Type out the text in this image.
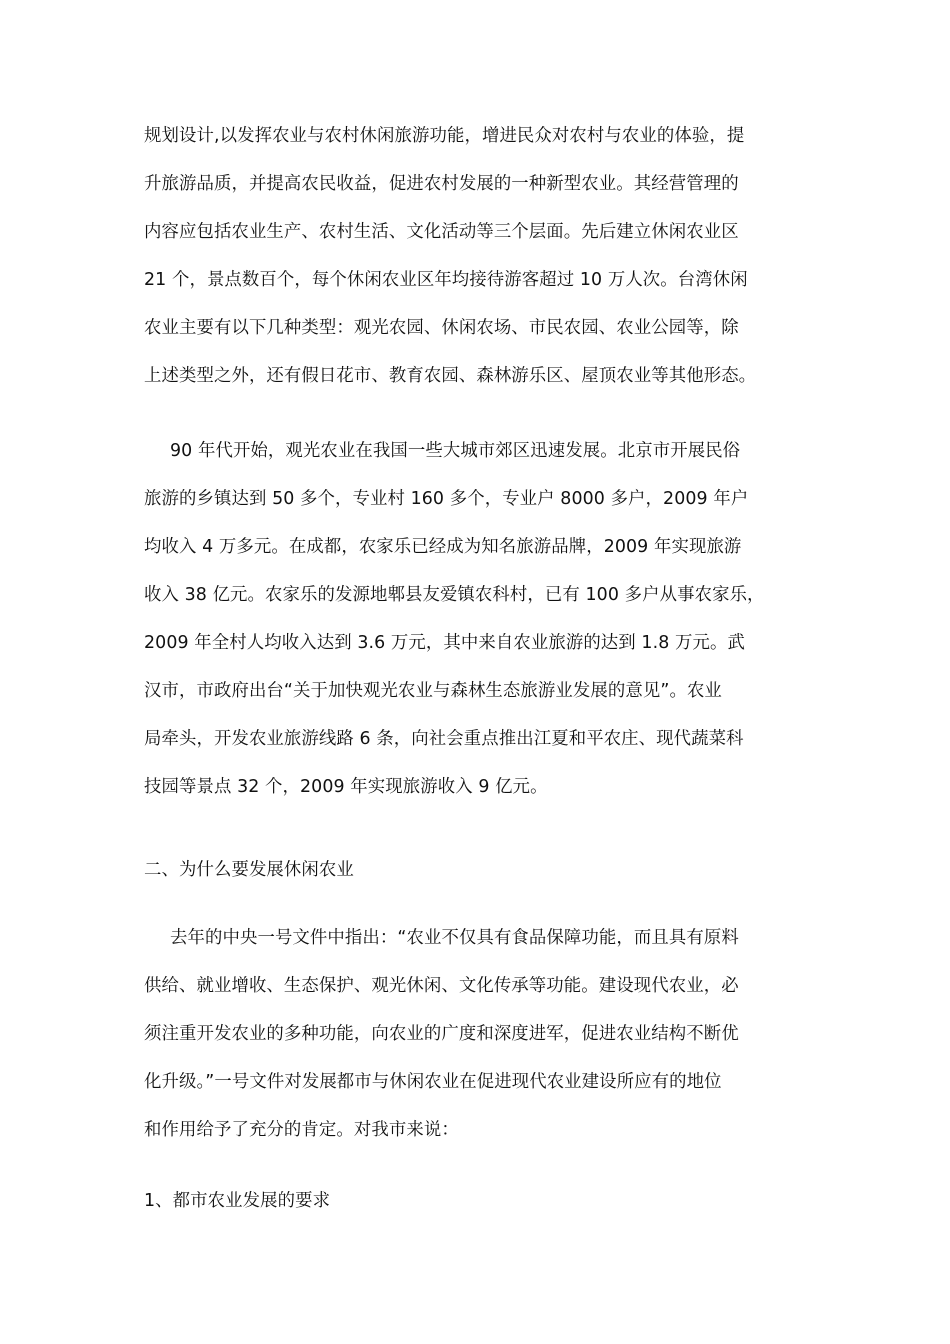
规划设计,以发挥农业与农村休闲旅游功能，增进民众对农村与农业的体验，提
升旅游品质，并提高农民收益，促进农村发展的一种新型农业。其经营管理的
内容应包括农业生产、农村生活、文化活动等三个层面。先后建立休闲农业区
21 个，景点数百个，每个休闲农业区年均接待游客超过 10 万人次。台湾休闲
农业主要有以下几种类型：观光农园、休闲农场、市民农园、农业公园等，除
上述类型之外，还有假日花市、教育农园、森林游乐区、屋顶农业等其他形态。
90 年代开始，观光农业在我国一些大城市郊区迅速发展。北京市开展民俗
旅游的乡镇达到 50 多个，专业村 160 多个，专业户 8000 多户，2009 年户
均收入 4 万多元。在成都，农家乐已经成为知名旅游品牌，2009 年实现旅游
收入 38 亿元。农家乐的发源地郫县友爱镇农科村，已有 100 多户从事农家乐，
2009 年全村人均收入达到 3.6 万元，其中来自农业旅游的达到 1.8 万元。武
汉市，市政府出台“关于加快观光农业与森林生态旅游业发展的意见”。农业
局牵头，开发农业旅游线路 6 条，向社会重点推出江夏和平农庄、现代蔬菜科
技园等景点 32 个，2009 年实现旅游收入 9 亿元。
二、为什么要发展休闲农业
去年的中央一号文件中指出：“农业不仅具有食品保障功能，而且具有原料
供给、就业增收、生态保护、观光休闲、文化传承等功能。建设现代农业，必
须注重开发农业的多种功能，向农业的广度和深度进军，促进农业结构不断优
化升级。”一号文件对发展都市与休闲农业在促进现代农业建设所应有的地位
和作用给予了充分的肯定。对我市来说：
1、都市农业发展的要求
